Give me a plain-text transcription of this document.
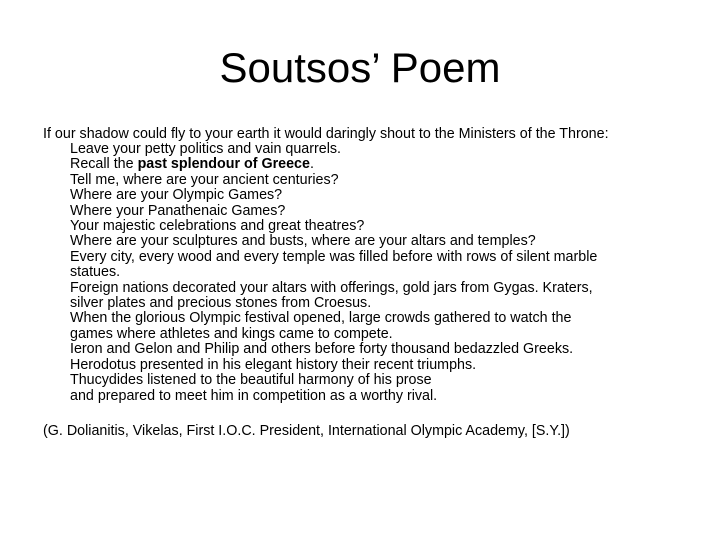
Soutsos’ Poem

If our shadow could fly to your earth it would daringly shout to the Ministers of the Throne:

Leave your petty politics and vain quarrels.
Recall the past splendour of Greece.
Tell me, where are your ancient centuries?
Where are your Olympic Games?
Where your Panathenaic Games?
Your majestic celebrations and great theatres?
Where are your sculptures and busts, where are your altars and temples?
Every city, every wood and every temple was filled before with rows of silent marble
statues.
Foreign nations decorated your altars with offerings, gold jars from Gygas. Kraters,
silver plates and precious stones from Croesus.
When the glorious Olympic festival opened, large crowds gathered to watch the
games where athletes and kings came to compete.
Ieron and Gelon and Philip and others before forty thousand bedazzled Greeks.
Herodotus presented in his elegant history their recent triumphs.
Thucydides listened to the beautiful harmony of his prose
and prepared to meet him in competition as a worthy rival.

(G. Dolianitis, Vikelas, First I.O.C. President, International Olympic Academy, [S.Y.])
